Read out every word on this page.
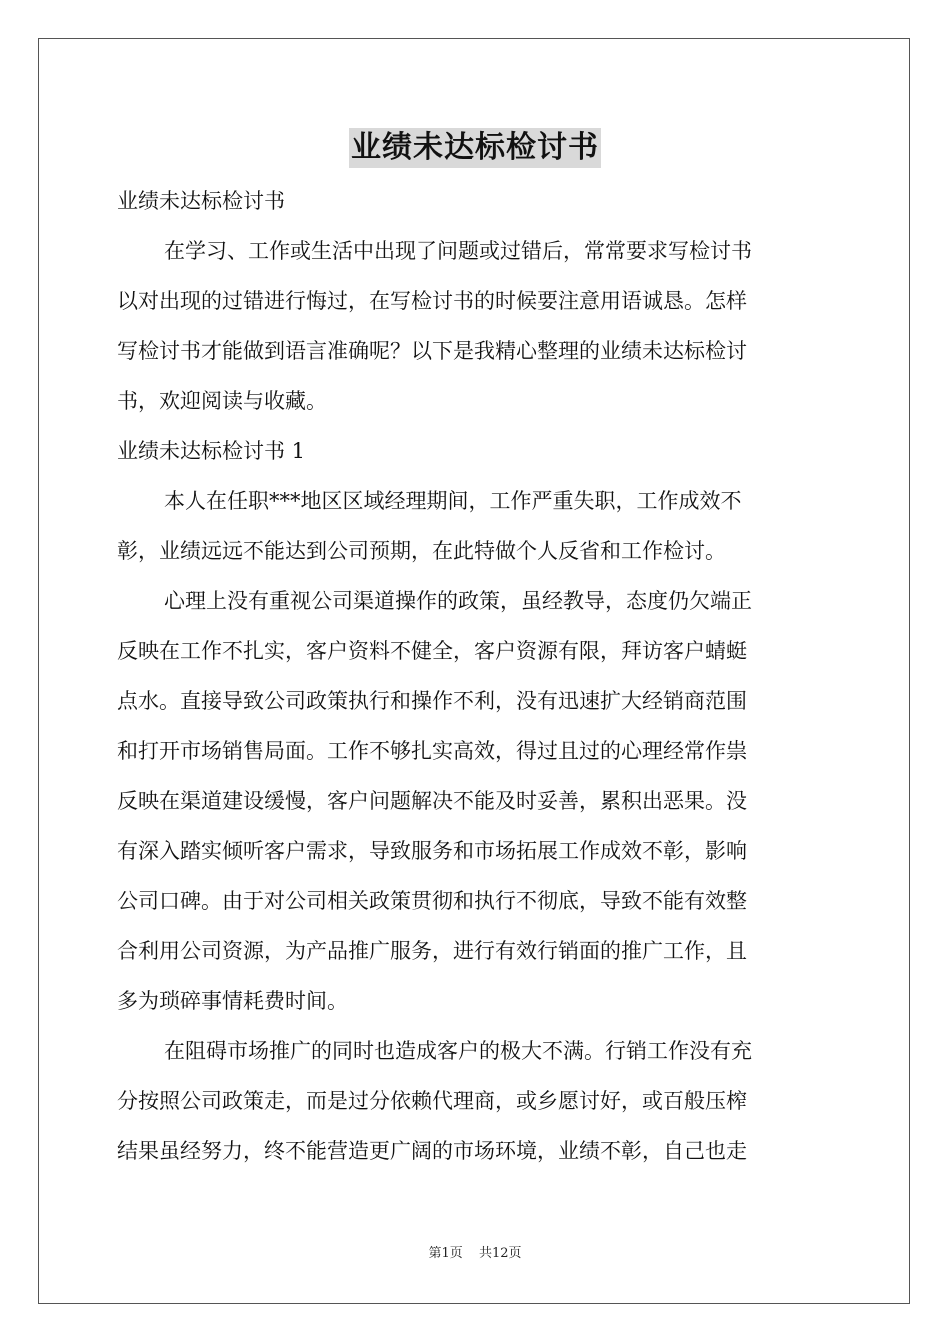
业绩未达标检讨书
业绩未达标检讨书
在学习、工作或生活中出现了问题或过错后，常常要求写检讨书
以对出现的过错进行悔过，在写检讨书的时候要注意用语诚恳。怎样
写检讨书才能做到语言准确呢？以下是我精心整理的业绩未达标检讨
书，欢迎阅读与收藏。
业绩未达标检讨书 1
本人在任职***地区区域经理期间，工作严重失职，工作成效不
彰，业绩远远不能达到公司预期，在此特做个人反省和工作检讨。
心理上没有重视公司渠道操作的政策，虽经教导，态度仍欠端正
反映在工作不扎实，客户资料不健全，客户资源有限，拜访客户蜻蜓
点水。直接导致公司政策执行和操作不利，没有迅速扩大经销商范围
和打开市场销售局面。工作不够扎实高效，得过且过的心理经常作祟
反映在渠道建设缓慢，客户问题解决不能及时妥善，累积出恶果。没
有深入踏实倾听客户需求，导致服务和市场拓展工作成效不彰，影响
公司口碑。由于对公司相关政策贯彻和执行不彻底，导致不能有效整
合利用公司资源，为产品推广服务，进行有效行销面的推广工作，且
多为琐碎事情耗费时间。
在阻碍市场推广的同时也造成客户的极大不满。行销工作没有充
分按照公司政策走，而是过分依赖代理商，或乡愿讨好，或百般压榨
结果虽经努力，终不能营造更广阔的市场环境，业绩不彰，自己也走
第1页 共12页
